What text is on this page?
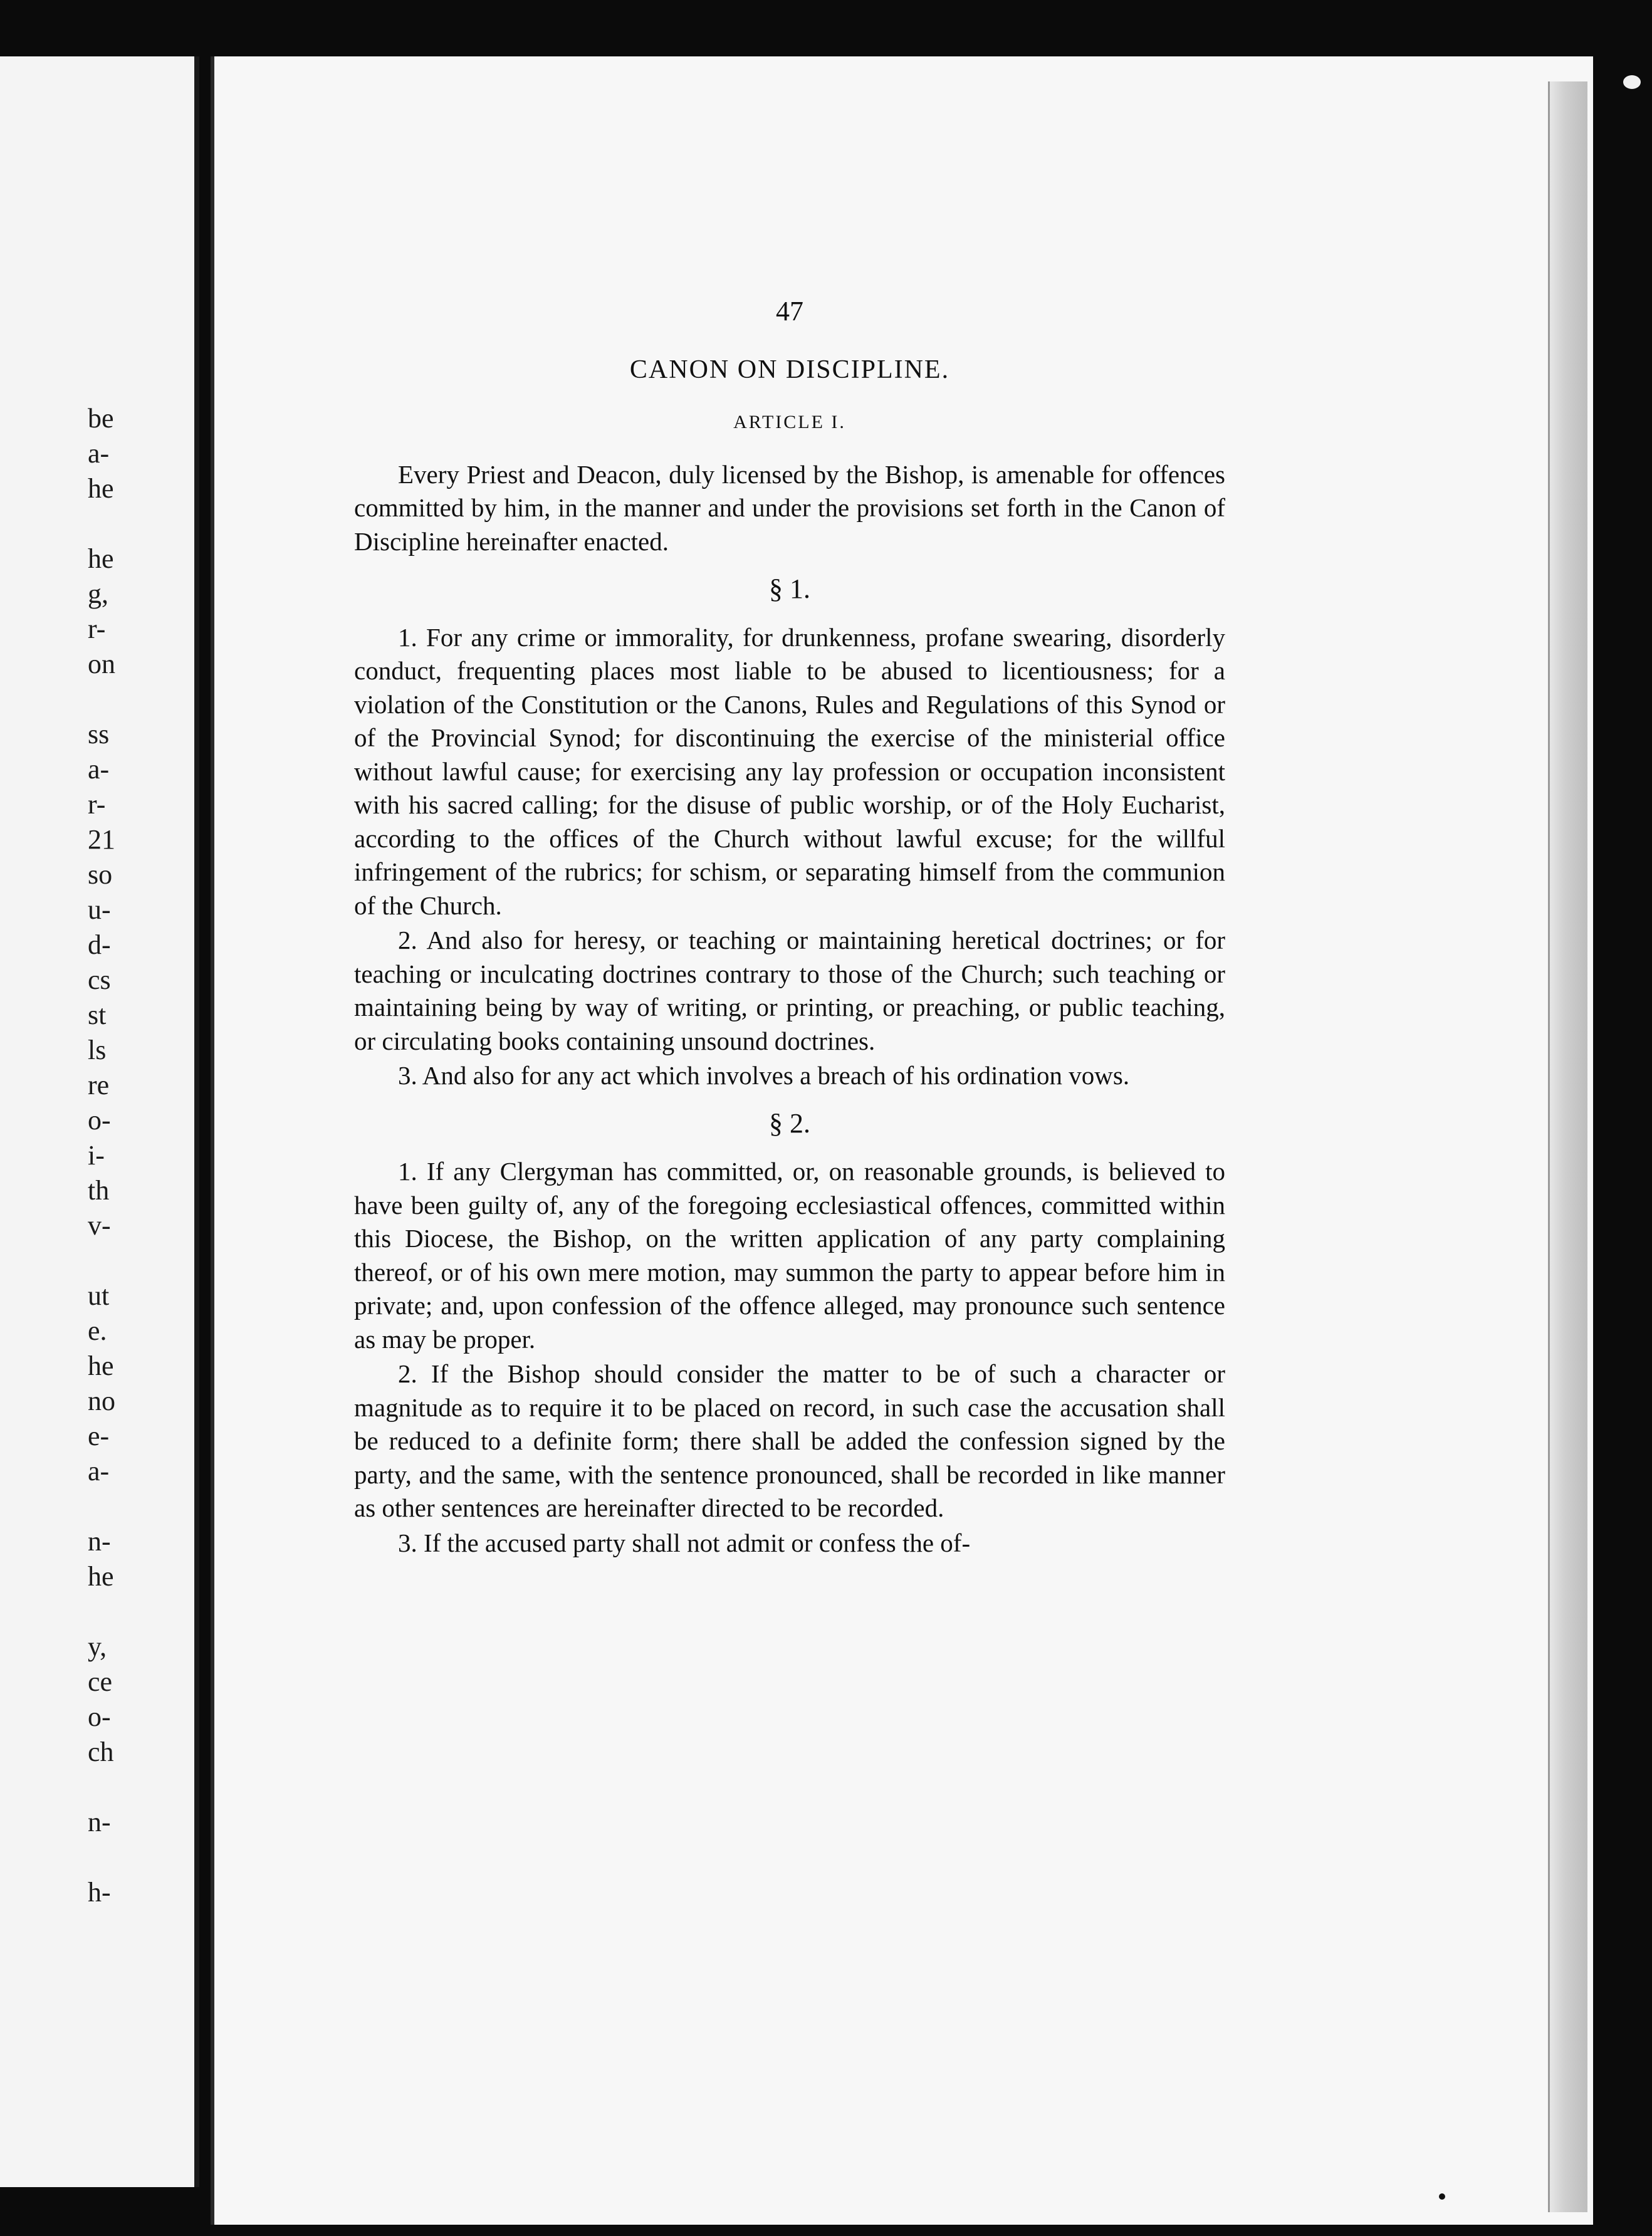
be
a-
he
he
g,
r-
on
ss
a-
r-
21
so
u-
d-
cs
st
ls
re
o-
i-
th
v-
ut
e.
he
no
e-
a-
n-
he
y,
ce
o-
ch
n-
h-
47
CANON ON DISCIPLINE.
ARTICLE I.

Every Priest and Deacon, duly licensed by the Bishop, is amenable for offences committed by him, in the manner and under the provisions set forth in the Canon of Discipline hereinafter enacted.

§ 1.

1. For any crime or immorality, for drunkenness, profane swearing, disorderly conduct, frequenting places most liable to be abused to licentiousness; for a violation of the Constitution or the Canons, Rules and Regulations of this Synod or of the Provincial Synod; for discontinuing the exercise of the ministerial office without lawful cause; for exercising any lay profession or occupation inconsistent with his sacred calling; for the disuse of public worship, or of the Holy Eucharist, according to the offices of the Church without lawful excuse; for the willful infringement of the rubrics; for schism, or separating himself from the communion of the Church.

2. And also for heresy, or teaching or maintaining heretical doctrines; or for teaching or inculcating doctrines contrary to those of the Church; such teaching or maintaining being by way of writing, or printing, or preaching, or public teaching, or circulating books containing unsound doctrines.

3. And also for any act which involves a breach of his ordination vows.

§ 2.

1. If any Clergyman has committed, or, on reasonable grounds, is believed to have been guilty of, any of the foregoing ecclesiastical offences, committed within this Diocese, the Bishop, on the written application of any party complaining thereof, or of his own mere motion, may summon the party to appear before him in private; and, upon confession of the offence alleged, may pronounce such sentence as may be proper.

2. If the Bishop should consider the matter to be of such a character or magnitude as to require it to be placed on record, in such case the accusation shall be reduced to a definite form; there shall be added the confession signed by the party, and the same, with the sentence pronounced, shall be recorded in like manner as other sentences are hereinafter directed to be recorded.

3. If the accused party shall not admit or confess the of-
